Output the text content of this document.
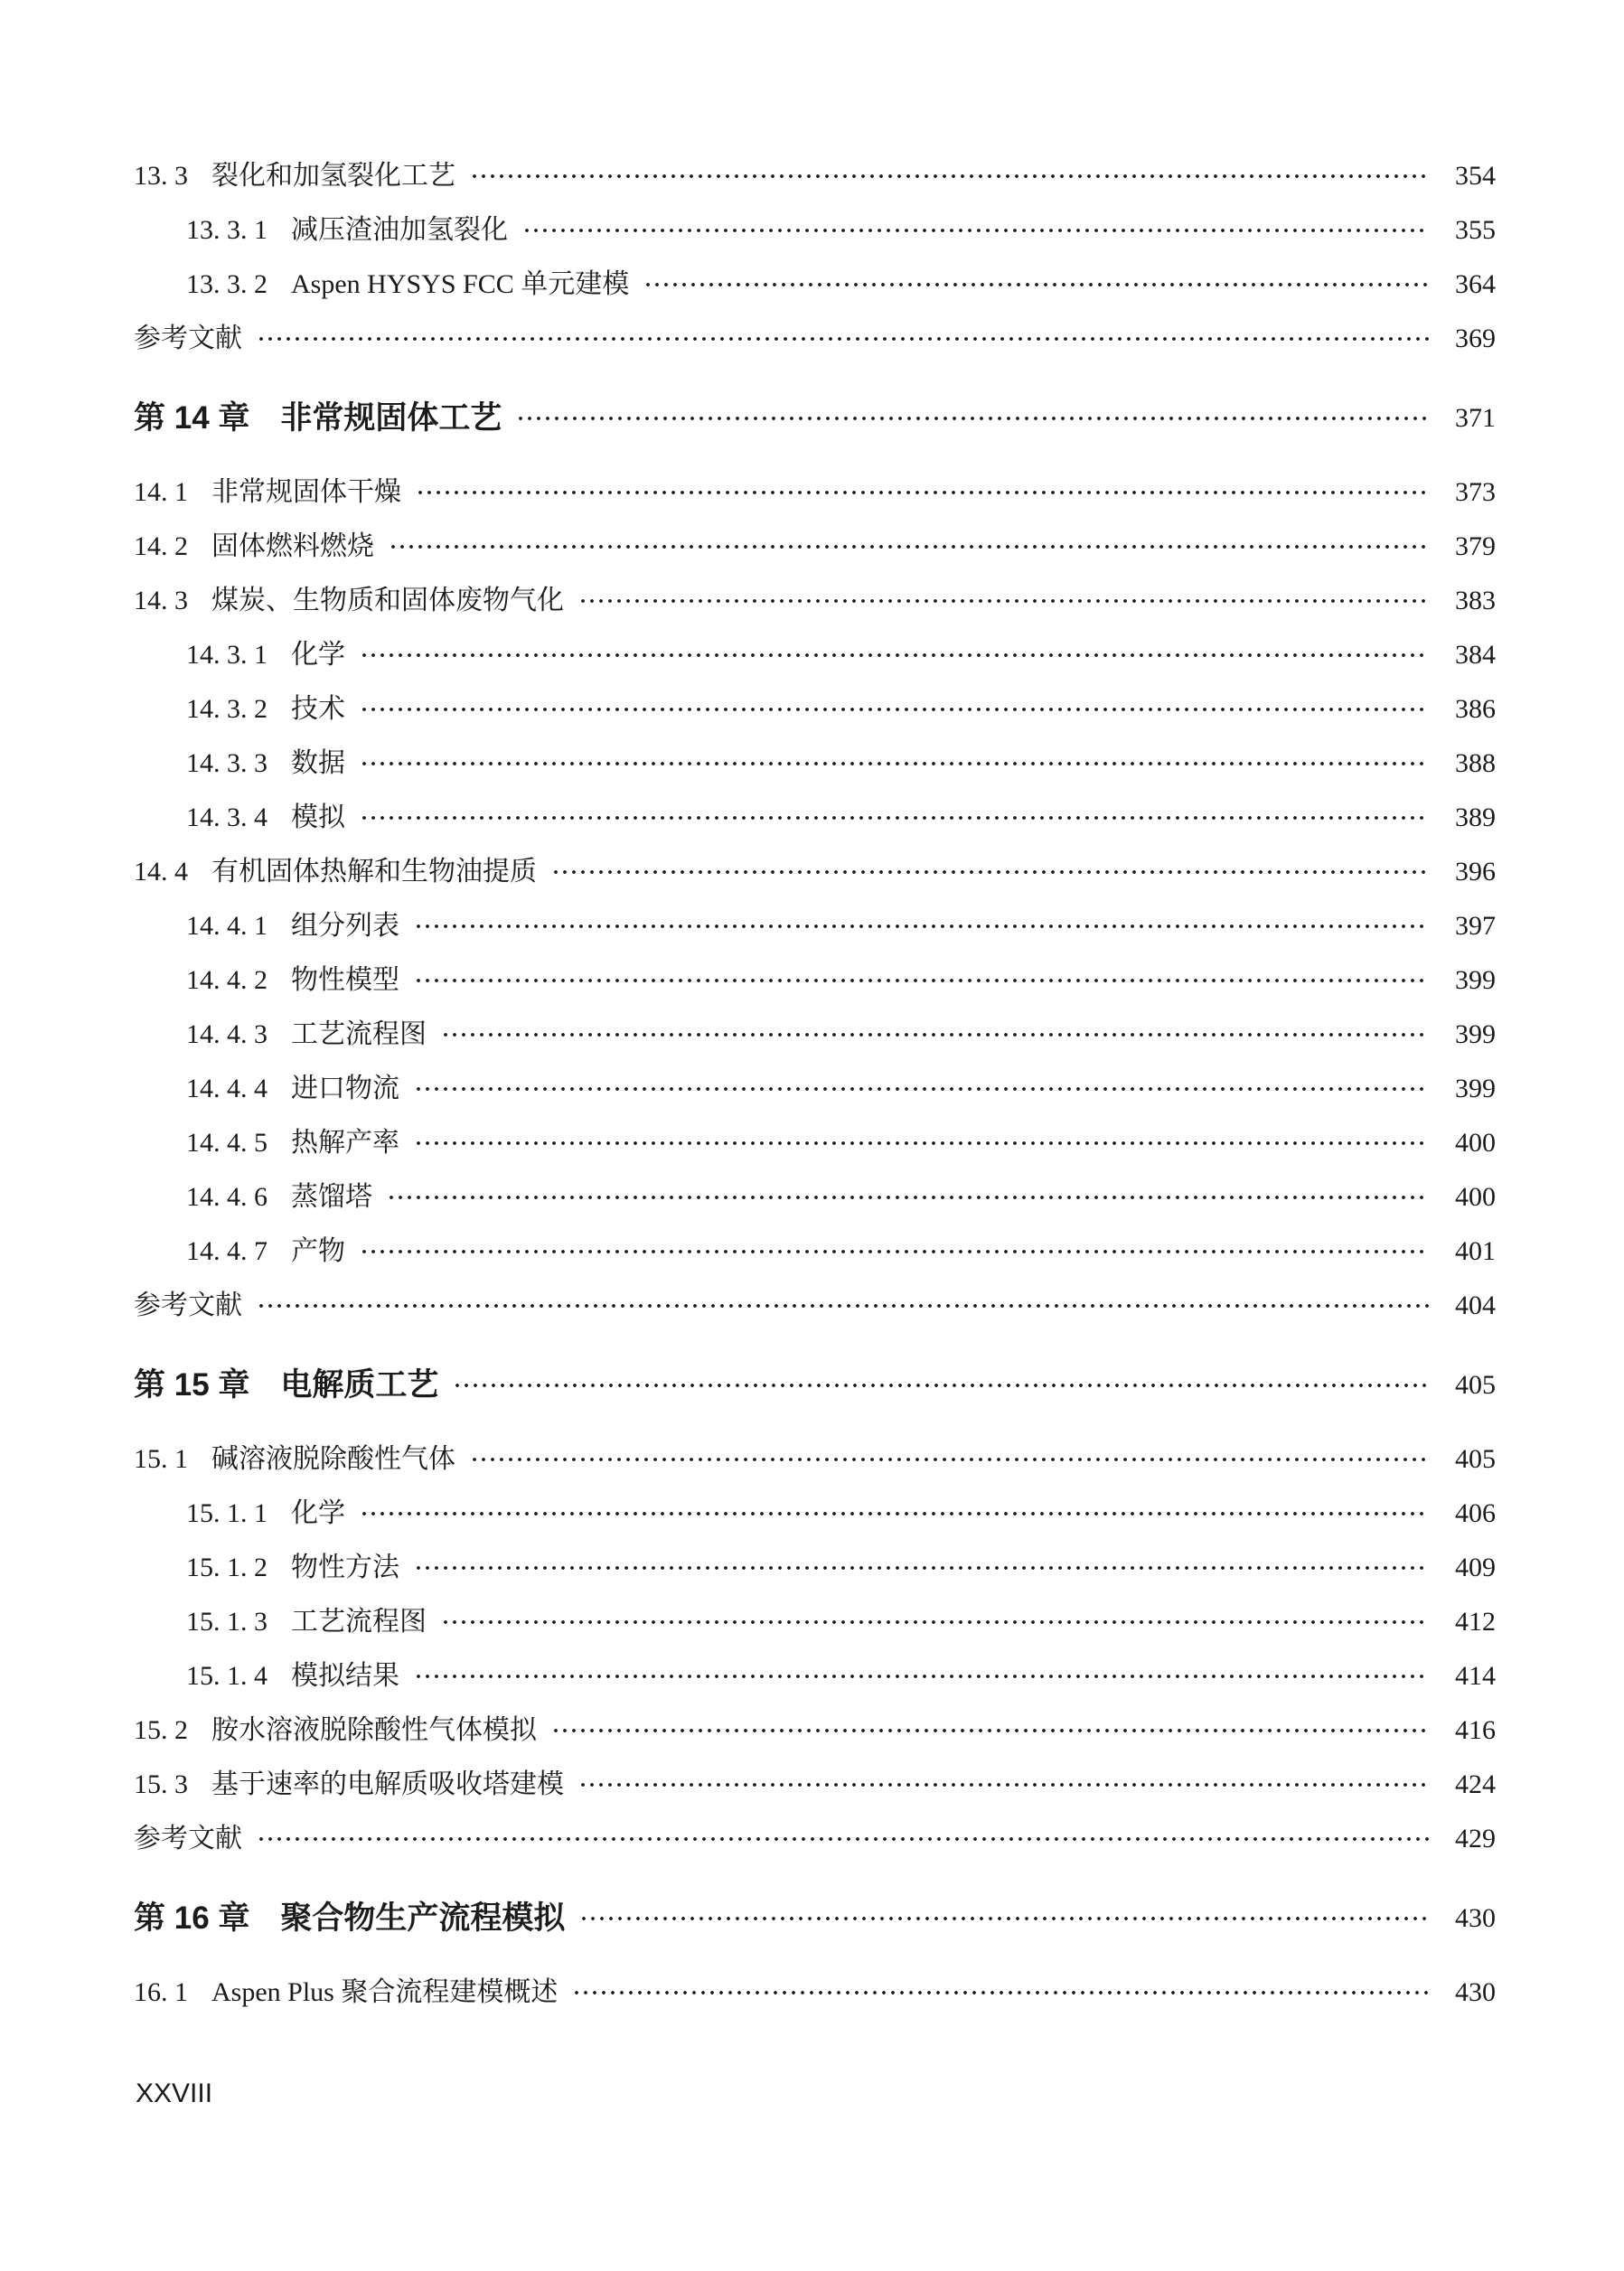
13. 3 裂化和加氢裂化工艺	354
13. 3. 1 减压渣油加氢裂化	355
13. 3. 2 Aspen HYSYS FCC 单元建模	364
参考文献	369
第 14 章 非常规固体工艺	371
14. 1 非常规固体干燥	373
14. 2 固体燃料燃烧	379
14. 3 煤炭、生物质和固体废物气化	383
14. 3. 1 化学	384
14. 3. 2 技术	386
14. 3. 3 数据	388
14. 3. 4 模拟	389
14. 4 有机固体热解和生物油提质	396
14. 4. 1 组分列表	397
14. 4. 2 物性模型	399
14. 4. 3 工艺流程图	399
14. 4. 4 进口物流	399
14. 4. 5 热解产率	400
14. 4. 6 蒸馏塔	400
14. 4. 7 产物	401
参考文献	404
第 15 章 电解质工艺	405
15. 1 碱溶液脱除酸性气体	405
15. 1. 1 化学	406
15. 1. 2 物性方法	409
15. 1. 3 工艺流程图	412
15. 1. 4 模拟结果	414
15. 2 胺水溶液脱除酸性气体模拟	416
15. 3 基于速率的电解质吸收塔建模	424
参考文献	429
第 16 章 聚合物生产流程模拟	430
16. 1 Aspen Plus 聚合流程建模概述	430
XXVIII
